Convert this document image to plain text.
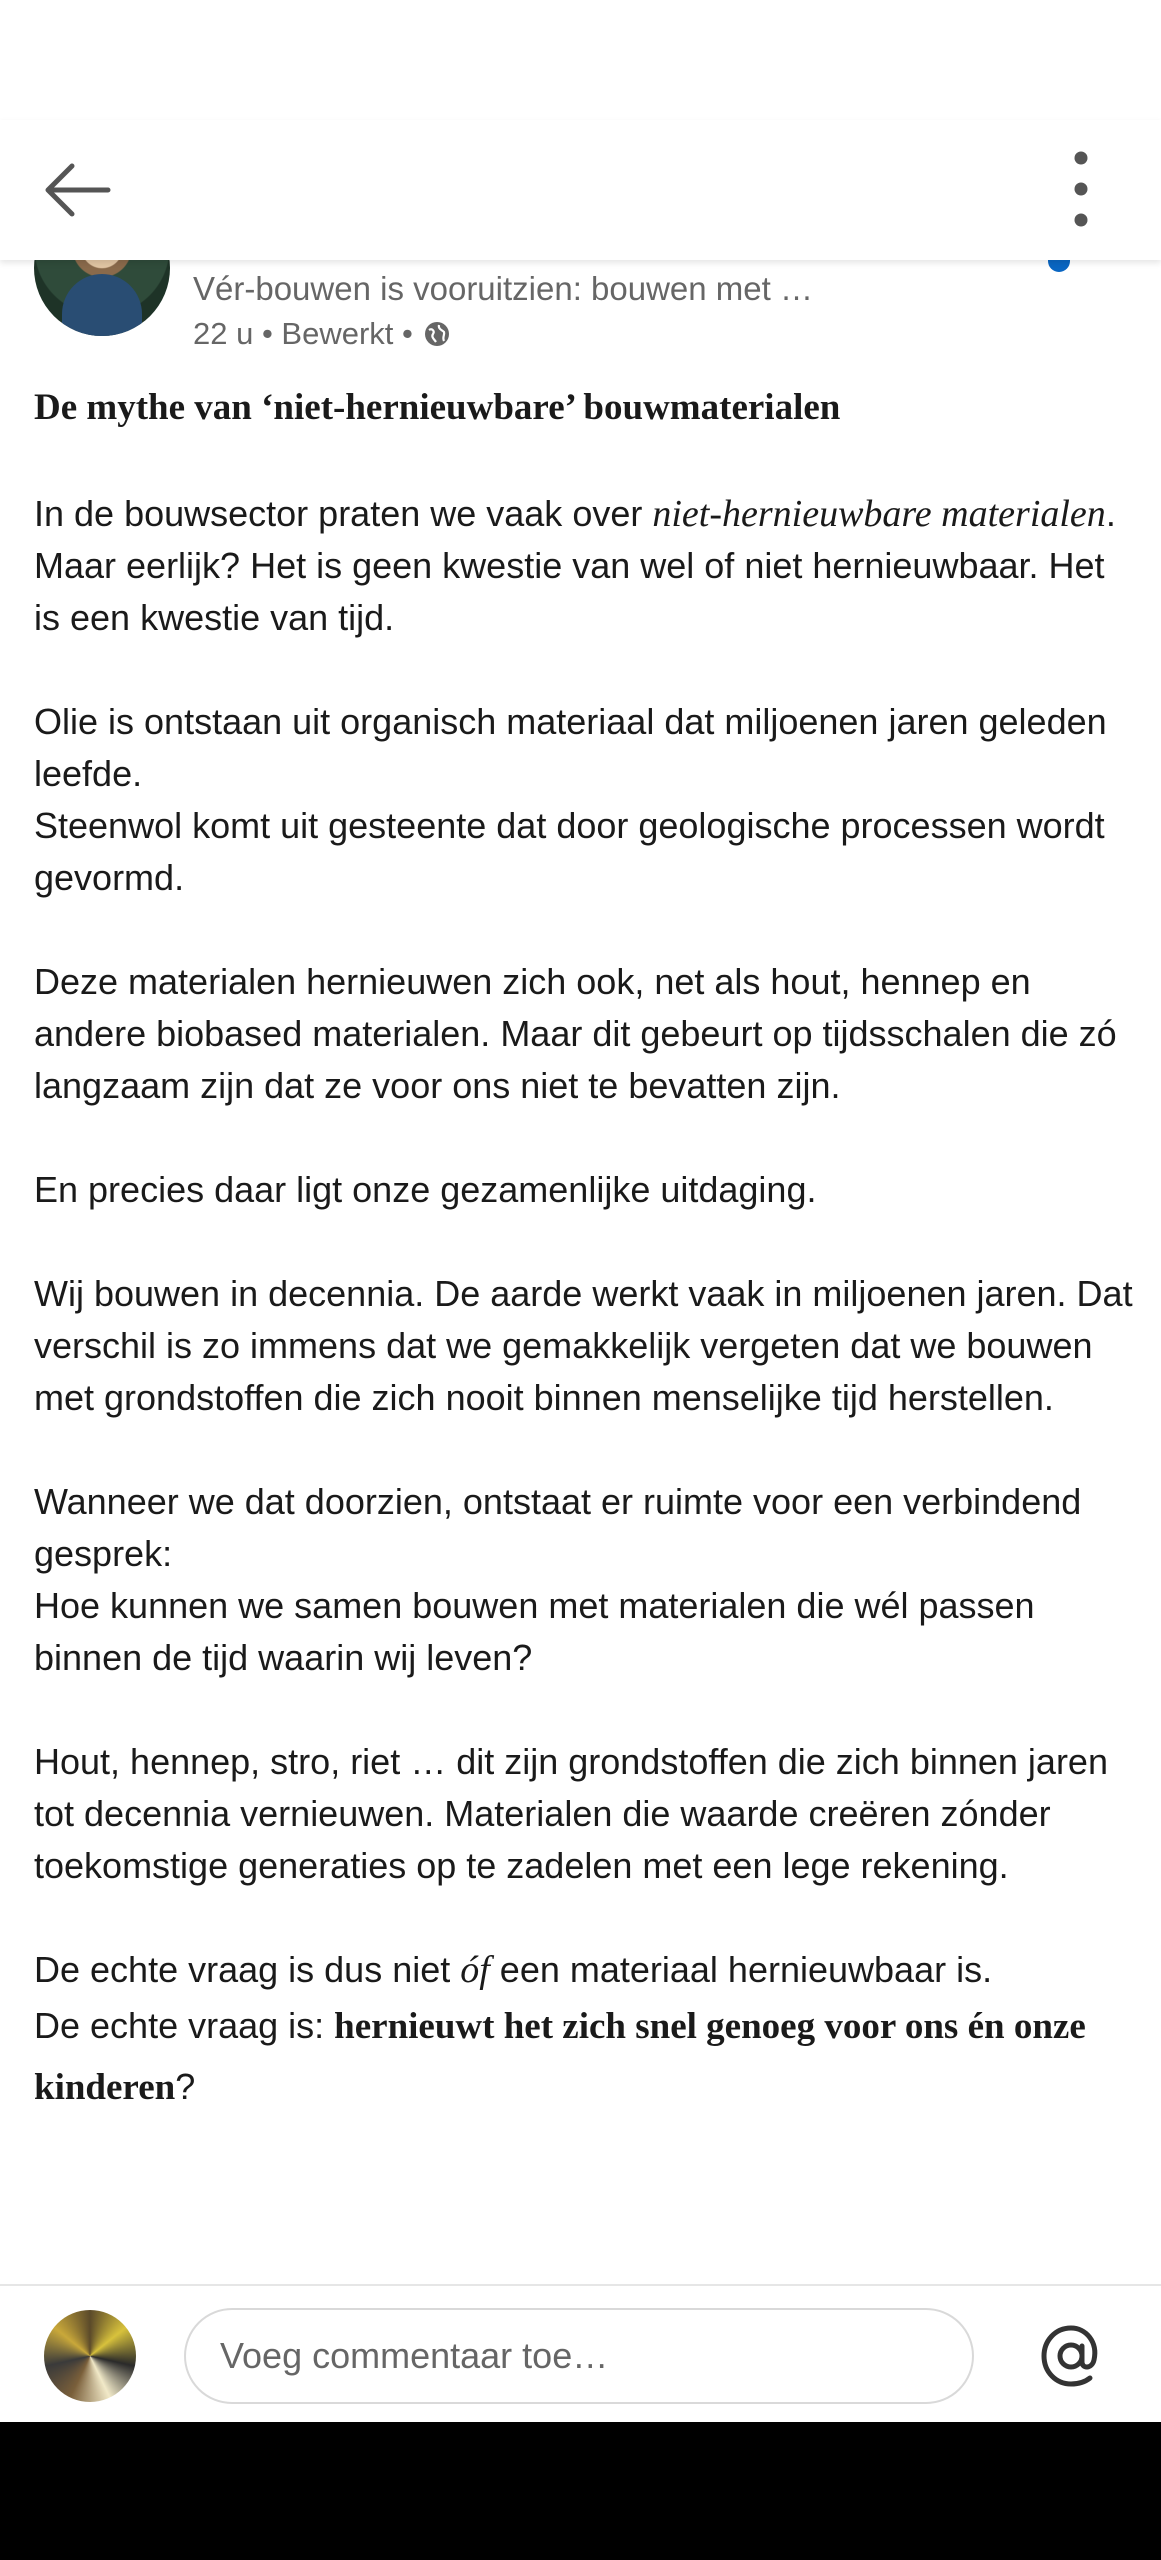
Vér-bouwen is vooruitzien: bouwen met …
22 u • Bewerkt •
De mythe van ‘niet-hernieuwbare’ bouwmaterialen

In de bouwsector praten we vaak over niet-hernieuwbare materialen. Maar eerlijk? Het is geen kwestie van wel of niet hernieuwbaar. Het is een kwestie van tijd.

Olie is ontstaan uit organisch materiaal dat miljoenen jaren geleden leefde.

Steenwol komt uit gesteente dat door geologische processen wordt gevormd.

Deze materialen hernieuwen zich ook, net als hout, hennep en andere biobased materialen. Maar dit gebeurt op tijdsschalen die zó langzaam zijn dat ze voor ons niet te bevatten zijn.

En precies daar ligt onze gezamenlijke uitdaging.

Wij bouwen in decennia. De aarde werkt vaak in miljoenen jaren. Dat verschil is zo immens dat we gemakkelijk vergeten dat we bouwen met grondstoffen die zich nooit binnen menselijke tijd herstellen.

Wanneer we dat doorzien, ontstaat er ruimte voor een verbindend gesprek:

Hoe kunnen we samen bouwen met materialen die wél passen binnen de tijd waarin wij leven?

Hout, hennep, stro, riet … dit zijn grondstoffen die zich binnen jaren tot decennia vernieuwen. Materialen die waarde creëren zónder toekomstige generaties op te zadelen met een lege rekening.

De echte vraag is dus niet óf een materiaal hernieuwbaar is.

De echte vraag is: hernieuwt het zich snel genoeg voor ons én onze kinderen?

Voeg commentaar toe…
